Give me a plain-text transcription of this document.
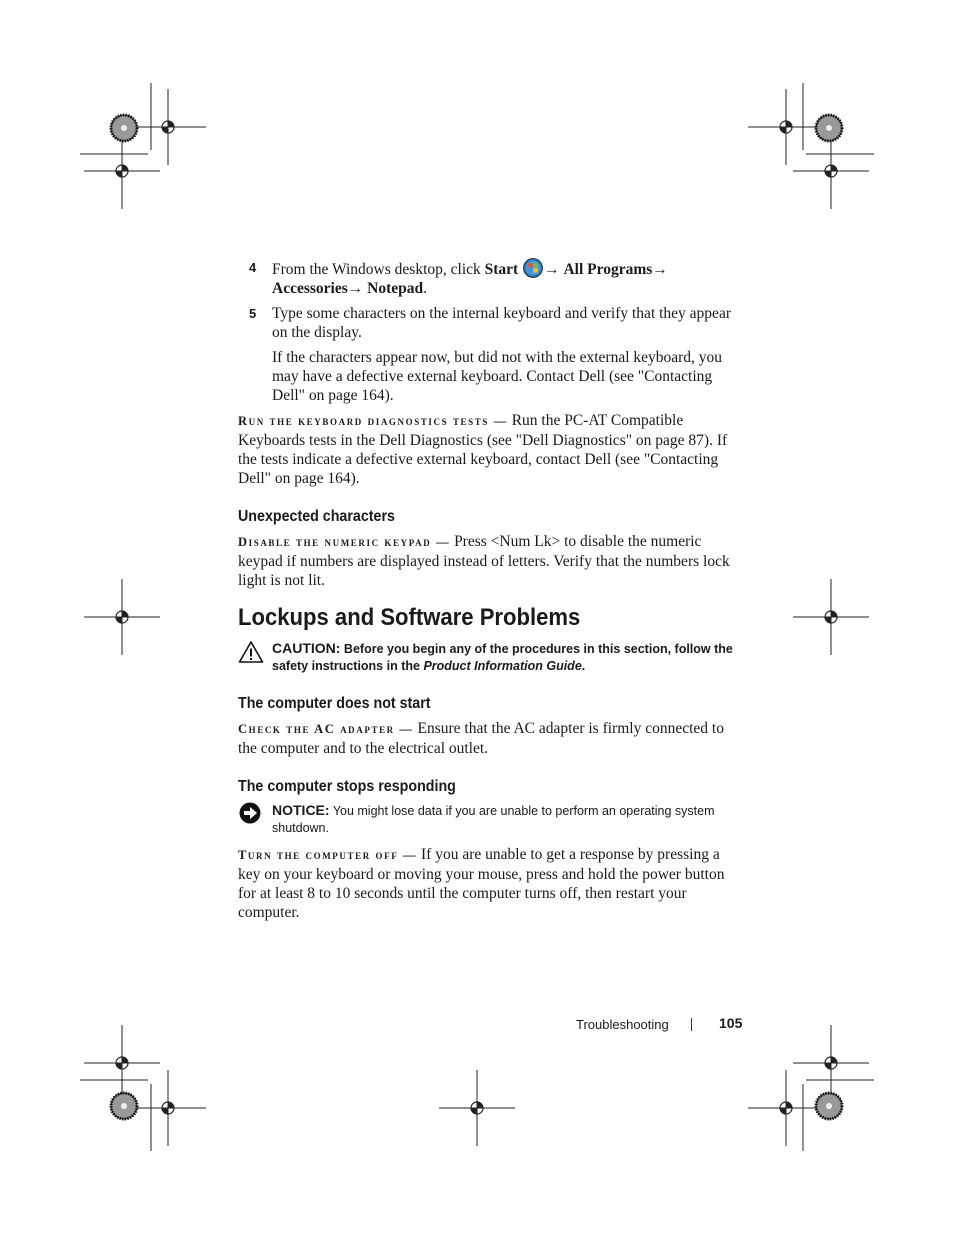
4 From the Windows desktop, click Start → All Programs→
Accessories→ Notepad.
5 Type some characters on the internal keyboard and verify that they appear on the display.
If the characters appear now, but did not with the external keyboard, you may have a defective external keyboard. Contact Dell (see "Contacting Dell" on page 164).

Run the keyboard diagnostics tests — Run the PC-AT Compatible Keyboards tests in the Dell Diagnostics (see "Dell Diagnostics" on page 87). If the tests indicate a defective external keyboard, contact Dell (see "Contacting Dell" on page 164).

Unexpected characters

Disable the numeric keypad — Press <Num Lk> to disable the numeric keypad if numbers are displayed instead of letters. Verify that the numbers lock light is not lit.

Lockups and Software Problems
CAUTION: Before you begin any of the procedures in this section, follow the safety instructions in the Product Information Guide.
The computer does not start

Check the AC adapter — Ensure that the AC adapter is firmly connected to the computer and to the electrical outlet.

The computer stops responding
NOTICE: You might lose data if you are unable to perform an operating system shutdown.

Turn the computer off — If you are unable to get a response by pressing a key on your keyboard or moving your mouse, press and hold the power button for at least 8 to 10 seconds until the computer turns off, then restart your computer.

Troubleshooting	105
